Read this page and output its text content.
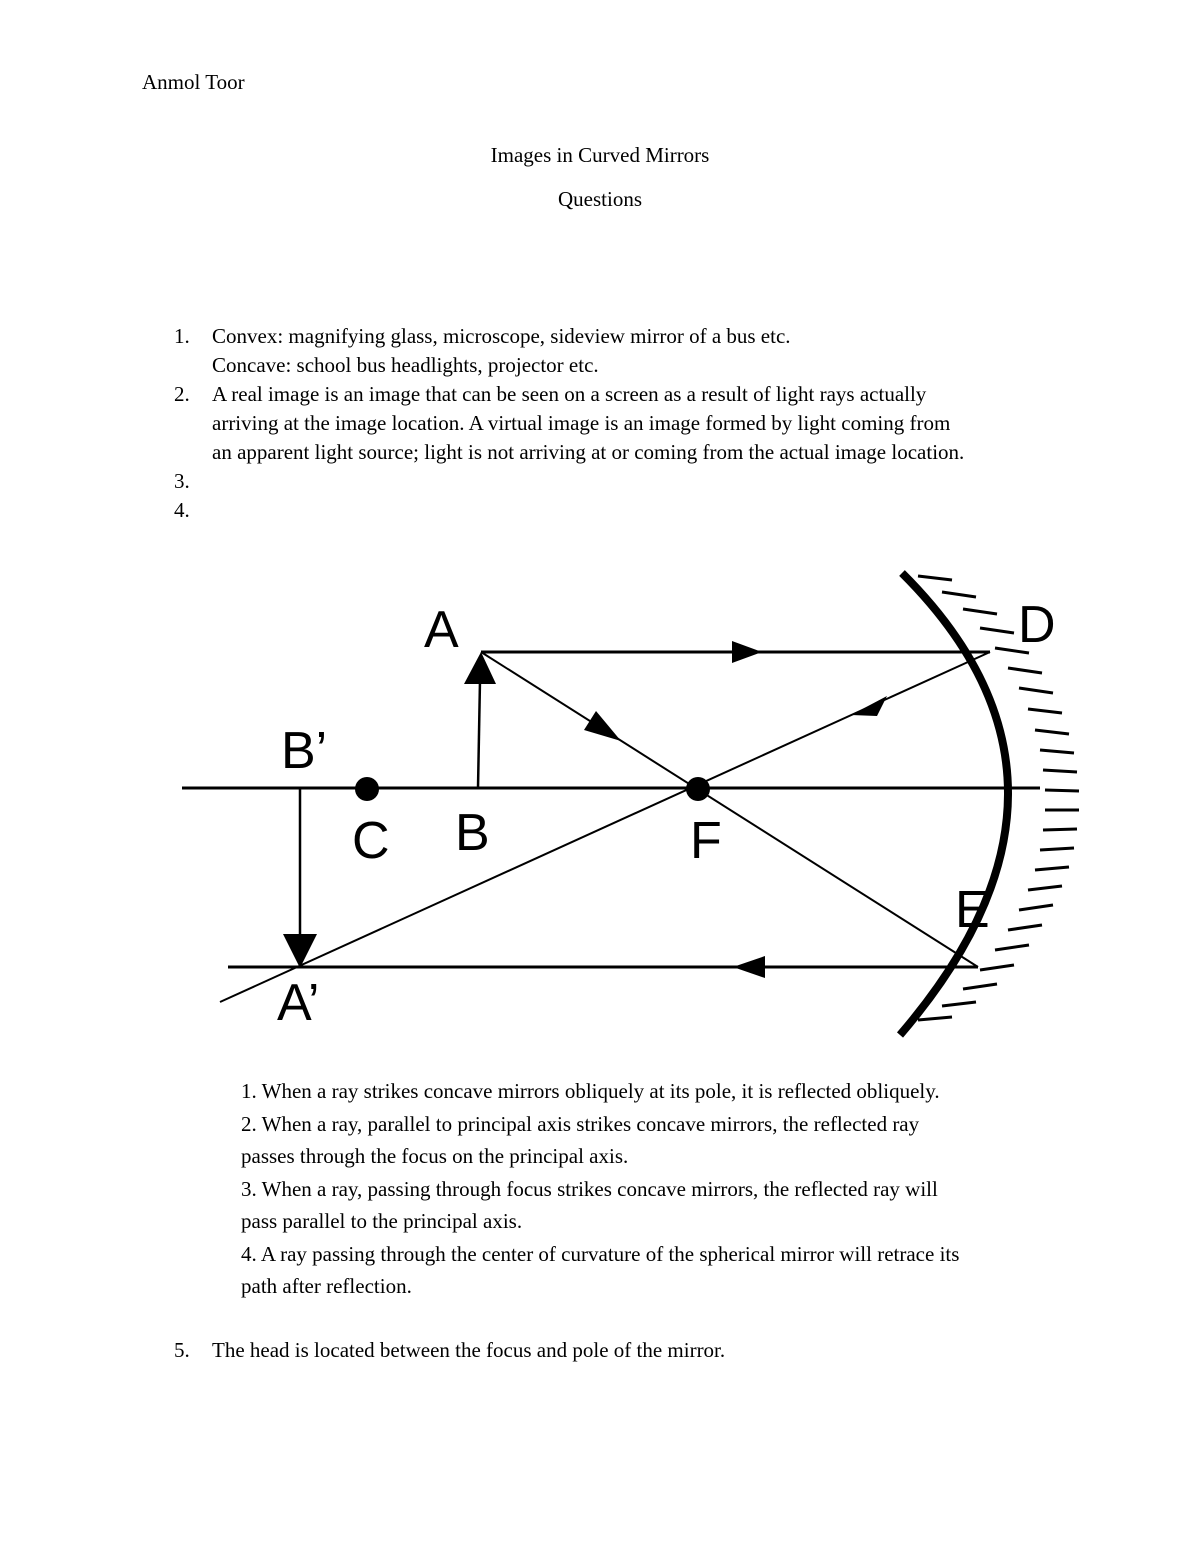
Anmol Toor
Images in Curved Mirrors
Questions
1. Convex: magnifying glass, microscope, sideview mirror of a bus etc.
Concave: school bus headlights, projector etc.
2. A real image is an image that can be seen on a screen as a result of light rays actually
arriving at the image location. A virtual image is an image formed by light coming from
an apparent light source; light is not arriving at or coming from the actual image location.
3.
4.
A
B’
C B	F
D
E
A’
1. When a ray strikes concave mirrors obliquely at its pole, it is reflected obliquely.
2. When a ray, parallel to principal axis strikes concave mirrors, the reflected ray
passes through the focus on the principal axis.
3. When a ray, passing through focus strikes concave mirrors, the reflected ray will
pass parallel to the principal axis.
4. A ray passing through the center of curvature of the spherical mirror will retrace its
path after reflection.
5. The head is located between the focus and pole of the mirror.
